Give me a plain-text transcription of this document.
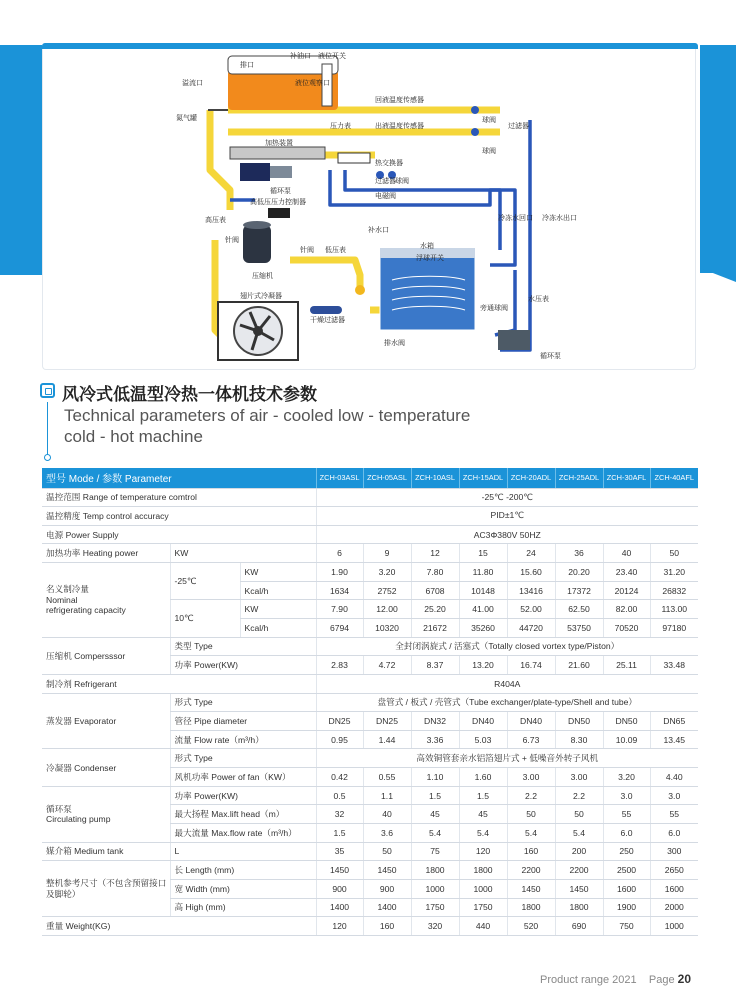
溢流口
补油口
排口
液位观察口
液位开关
氮气罐
回液温度传感器
出液温度传感器
压力表
加热装置
循环泵
热交换器
过滤器
球阀
球阀
过滤器 球阀
电磁阀
高低压压力控制器
高压表
低压表
针阀
针阀
压缩机
补水口
水箱
浮球开关
冷冻水回口 冷冻水出口
翅片式冷凝器
干燥过滤器
旁通球阀
水压表
循环泵
排水阀
风冷式低温型冷热一体机技术参数
Technical parameters of air - cooled low - temperature cold - hot machine
型号 Mode / 参数 Parameter			ZCH-03ASL	ZCH-05ASL	ZCH-10ASL	ZCH-15ADL	ZCH-20ADL	ZCH-25ADL	ZCH-30AFL	ZCH-40AFL
温控范围 Range of temperature comtrol			-25℃ -200℃							
温控精度 Temp control accuracy			PID±1℃							
电源 Power Supply			AC3Φ380V 50HZ							
加热功率 Heating power	KW		6	9	12	15	24	36	40	50
名义制冷量
Nominal
refrigerating capacity	-25℃	KW	1.90	3.20	7.80	11.80	15.60	20.20	23.40	31.20
		Kcal/h	1634	2752	6708	10148	13416	17372	20124	26832
	10℃	KW	7.90	12.00	25.20	41.00	52.00	62.50	82.00	113.00
		Kcal/h	6794	10320	21672	35260	44720	53750	70520	97180
压缩机 Compersssor	类型 Type		全封闭涡旋式 / 活塞式（Totally closed vortex type/Piston）							
	功率 Power(KW)		2.83	4.72	8.37	13.20	16.74	21.60	25.11	33.48
制冷剂 Refrigerant			R404A							
蒸发器 Evaporator	形式 Type		盘管式 / 板式 / 壳管式（Tube exchanger/plate-type/Shell and tube）							
	管径 Pipe diameter		DN25	DN25	DN32	DN40	DN40	DN50	DN50	DN65
	流量 Flow rate（m³/h）		0.95	1.44	3.36	5.03	6.73	8.30	10.09	13.45
冷凝器 Condenser	形式 Type		高效铜管套亲水铝箔翅片式 + 低噪音外转子风机							
	风机功率 Power of fan（KW）		0.42	0.55	1.10	1.60	3.00	3.00	3.20	4.40
循环泵
Circulating pump	功率 Power(KW)		0.5	1.1	1.5	1.5	2.2	2.2	3.0	3.0
	最大扬程 Max.lift head（m）		32	40	45	45	50	50	55	55
	最大流量 Max.flow rate（m³/h）		1.5	3.6	5.4	5.4	5.4	5.4	6.0	6.0
媒介箱 Medium tank	L		35	50	75	120	160	200	250	300
整机参考尺寸（不包含预留接口及脚轮）	长 Length (mm)		1450	1450	1800	1800	2200	2200	2500	2650
	宽 Width (mm)		900	900	1000	1000	1450	1450	1600	1600
	高 High (mm)		1400	1400	1750	1750	1800	1800	1900	2000
重量 Weight(KG)			120	160	320	440	520	690	750	1000
Product range 2021 Page 20
